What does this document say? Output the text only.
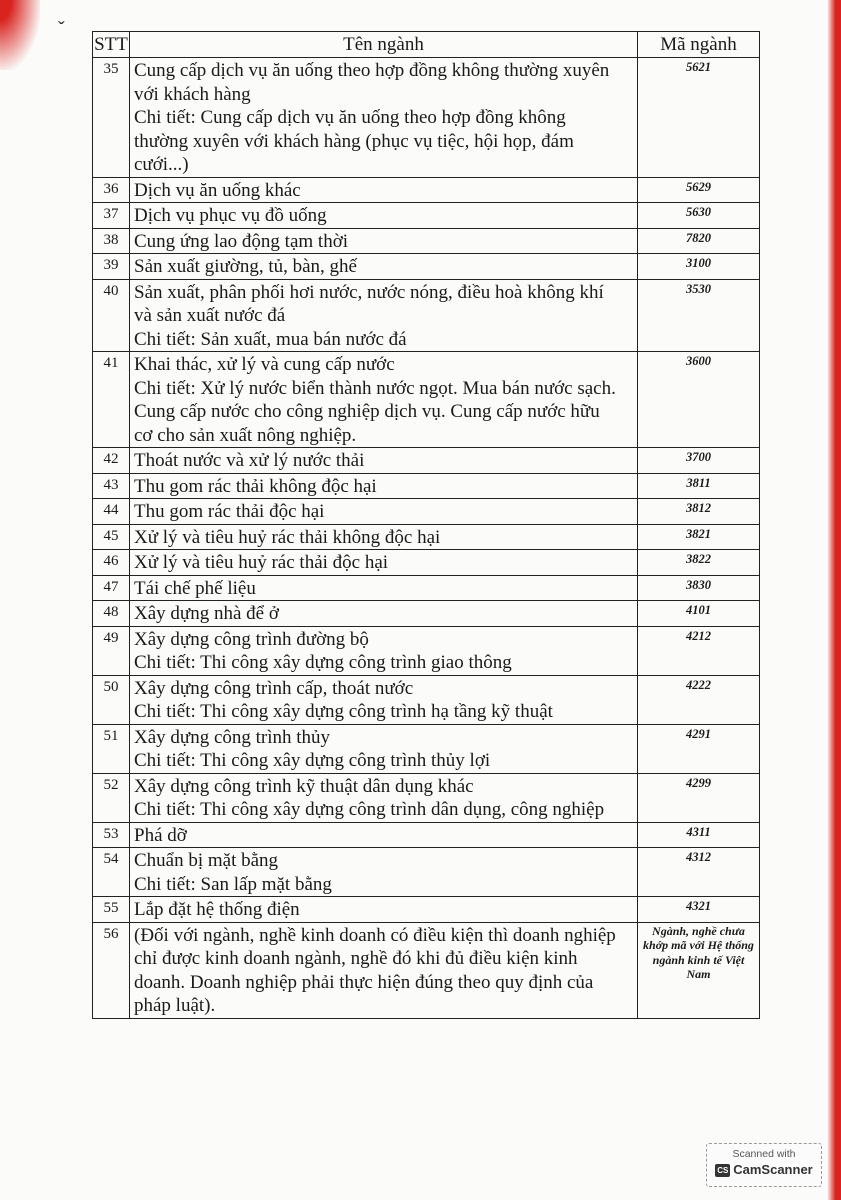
ˇ
STT	Tên ngành	Mã ngành
35	Cung cấp dịch vụ ăn uống theo hợp đồng không thường xuyên
với khách hàng
Chi tiết: Cung cấp dịch vụ ăn uống theo hợp đồng không
thường xuyên với khách hàng (phục vụ tiệc, hội họp, đám
cưới...)	5621
36	Dịch vụ ăn uống khác	5629
37	Dịch vụ phục vụ đồ uống	5630
38	Cung ứng lao động tạm thời	7820
39	Sản xuất giường, tủ, bàn, ghế	3100
40	Sản xuất, phân phối hơi nước, nước nóng, điều hoà không khí
và sản xuất nước đá
Chi tiết: Sản xuất, mua bán nước đá	3530
41	Khai thác, xử lý và cung cấp nước
Chi tiết: Xử lý nước biển thành nước ngọt. Mua bán nước sạch.
Cung cấp nước cho công nghiệp dịch vụ. Cung cấp nước hữu
cơ cho sản xuất nông nghiệp.	3600
42	Thoát nước và xử lý nước thải	3700
43	Thu gom rác thải không độc hại	3811
44	Thu gom rác thải độc hại	3812
45	Xử lý và tiêu huỷ rác thải không độc hại	3821
46	Xử lý và tiêu huỷ rác thải độc hại	3822
47	Tái chế phế liệu	3830
48	Xây dựng nhà để ở	4101
49	Xây dựng công trình đường bộ
Chi tiết: Thi công xây dựng công trình giao thông	4212
50	Xây dựng công trình cấp, thoát nước
Chi tiết: Thi công xây dựng công trình hạ tầng kỹ thuật	4222
51	Xây dựng công trình thủy
Chi tiết: Thi công xây dựng công trình thủy lợi	4291
52	Xây dựng công trình kỹ thuật dân dụng khác
Chi tiết: Thi công xây dựng công trình dân dụng, công nghiệp	4299
53	Phá dỡ	4311
54	Chuẩn bị mặt bằng
Chi tiết: San lấp mặt bằng	4312
55	Lắp đặt hệ thống điện	4321
56	(Đối với ngành, nghề kinh doanh có điều kiện thì doanh nghiệp
chỉ được kinh doanh ngành, nghề đó khi đủ điều kiện kinh
doanh. Doanh nghiệp phải thực hiện đúng theo quy định của
pháp luật).	Ngành, nghề chưa khớp mã với Hệ thống ngành kinh tế Việt Nam
Scanned with
CS CamScanner
